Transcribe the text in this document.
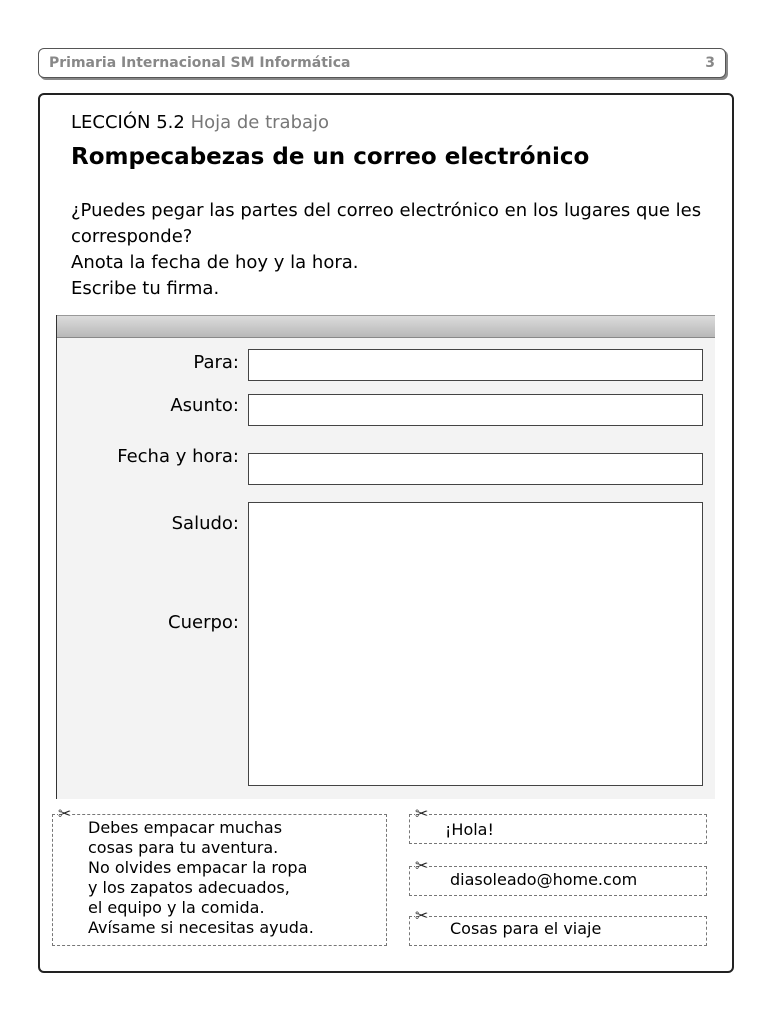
Primaria Internacional SM Informática	3
LECCIÓN 5.2 Hoja de trabajo
Rompecabezas de un correo electrónico

¿Puedes pegar las partes del correo electrónico en los lugares que les corresponde?

Anota la fecha de hoy y la hora.

Escribe tu firma.

Para:
Asunto:
Fecha y hora:
Saludo:
Cuerpo:
✂
Debes empacar muchas
cosas para tu aventura.
No olvides empacar la ropa
y los zapatos adecuados,
el equipo y la comida.
Avísame si necesitas ayuda.
✂
¡Hola!
✂
diasoleado@home.com
✂
Cosas para el viaje
